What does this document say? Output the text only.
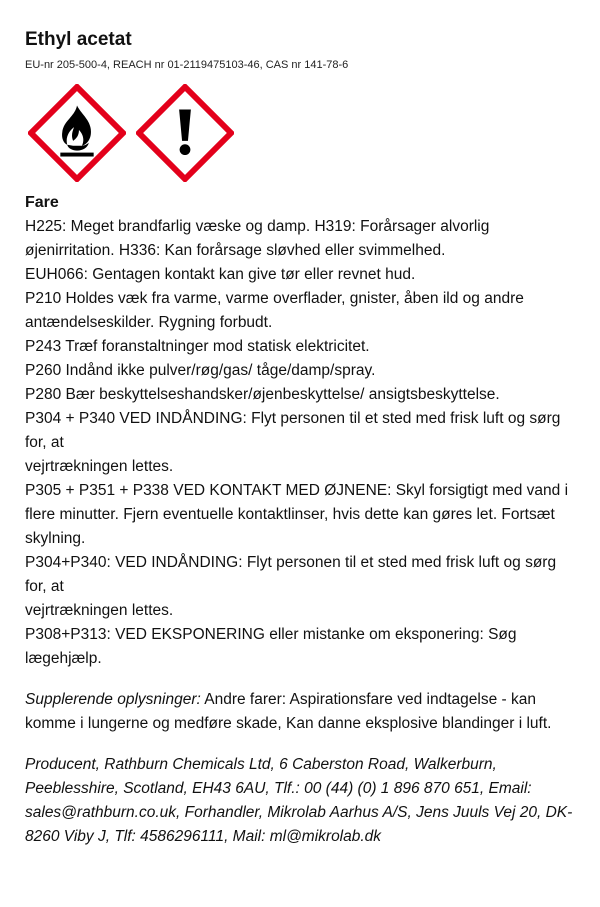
Ethyl acetat
EU-nr 205-500-4, REACH nr 01-2119475103-46, CAS nr 141-78-6
Fare

H225: Meget brandfarlig væske og damp. H319: Forårsager alvorlig øjenirritation. H336: Kan forårsage sløvhed eller svimmelhed.

EUH066: Gentagen kontakt kan give tør eller revnet hud.

P210 Holdes væk fra varme, varme overflader, gnister, åben ild og andre antændelseskilder. Rygning forbudt.

P243 Træf foranstaltninger mod statisk elektricitet.

P260 Indånd ikke pulver/røg/gas/ tåge/damp/spray.

P280 Bær beskyttelseshandsker/øjenbeskyttelse/ ansigtsbeskyttelse.

P304 + P340 VED INDÅNDING: Flyt personen til et sted med frisk luft og sørg for, at

vejrtrækningen lettes.

P305 + P351 + P338 VED KONTAKT MED ØJNENE: Skyl forsigtigt med vand i flere minutter. Fjern eventuelle kontaktlinser, hvis dette kan gøres let. Fortsæt skylning.

P304+P340: VED INDÅNDING: Flyt personen til et sted med frisk luft og sørg for, at

vejrtrækningen lettes.

P308+P313: VED EKSPONERING eller mistanke om eksponering: Søg lægehjælp.

Supplerende oplysninger: Andre farer: Aspirationsfare ved indtagelse - kan komme i lungerne og medføre skade, Kan danne eksplosive blandinger i luft.
Producent, Rathburn Chemicals Ltd, 6 Caberston Road, Walkerburn, Peeblesshire, Scotland, EH43 6AU, Tlf.: 00 (44) (0) 1 896 870 651, Email: sales@rathburn.co.uk, Forhandler, Mikrolab Aarhus A/S, Jens Juuls Vej 20, DK-8260 Viby J, Tlf: 4586296111, Mail: ml@mikrolab.dk
